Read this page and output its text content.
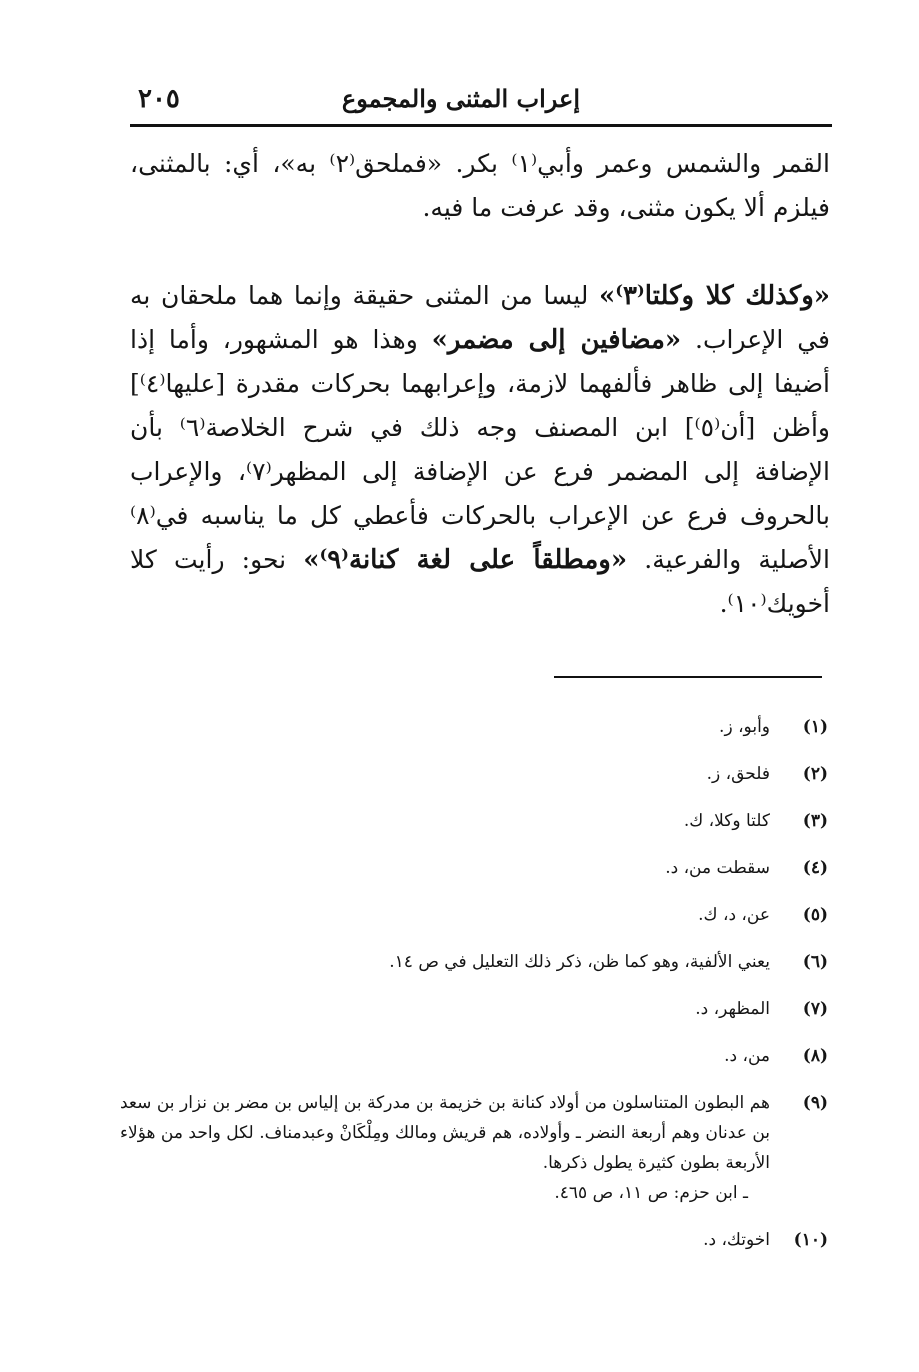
إعراب المثنى والمجموع
٢٠٥

القمر والشمس وعمر وأبي⁽١⁾ بكر. «فملحق⁽٢⁾ به»، أي: بالمثنى، فيلزم ألا يكون مثنى، وقد عرفت ما فيه.

«وكذلك كلا وكلتا⁽٣⁾» ليسا من المثنى حقيقة وإنما هما ملحقان به في الإعراب. «مضافين إلى مضمر» وهذا هو المشهور، وأما إذا أضيفا إلى ظاهر فألفهما لازمة، وإعرابهما بحركات مقدرة [عليها⁽٤⁾] وأظن [أن⁽٥⁾] ابن المصنف وجه ذلك في شرح الخلاصة⁽٦⁾ بأن الإضافة إلى المضمر فرع عن الإضافة إلى المظهر⁽٧⁾، والإعراب بالحروف فرع عن الإعراب بالحركات فأعطي كل ما يناسبه في⁽٨⁾ الأصلية والفرعية. «ومطلقاً على لغة كنانة⁽٩⁾» نحو: رأيت كلا أخويك⁽١٠⁾.

(١)
وأبو، ز.
(٢)
فلحق، ز.
(٣)
كلتا وكلا، ك.
(٤)
سقطت من، د.
(٥)
عن، د، ك.
(٦)
يعني الألفية، وهو كما ظن، ذكر ذلك التعليل في ص ١٤.
(٧)
المظهر، د.
(٨)
من، د.
(٩)
هم البطون المتناسلون من أولاد كنانة بن خزيمة بن مدركة بن إلياس بن مضر بن نزار بن سعد بن عدنان وهم أربعة النضر ـ وأولاده، هم قريش ومالك ومِلْكَانْ وعبدمناف. لكل واحد من هؤلاء الأربعة بطون كثيرة يطول ذكرها.
ـ ابن حزم: ص ١١، ص ٤٦٥.
(١٠)
اخوتك، د.
